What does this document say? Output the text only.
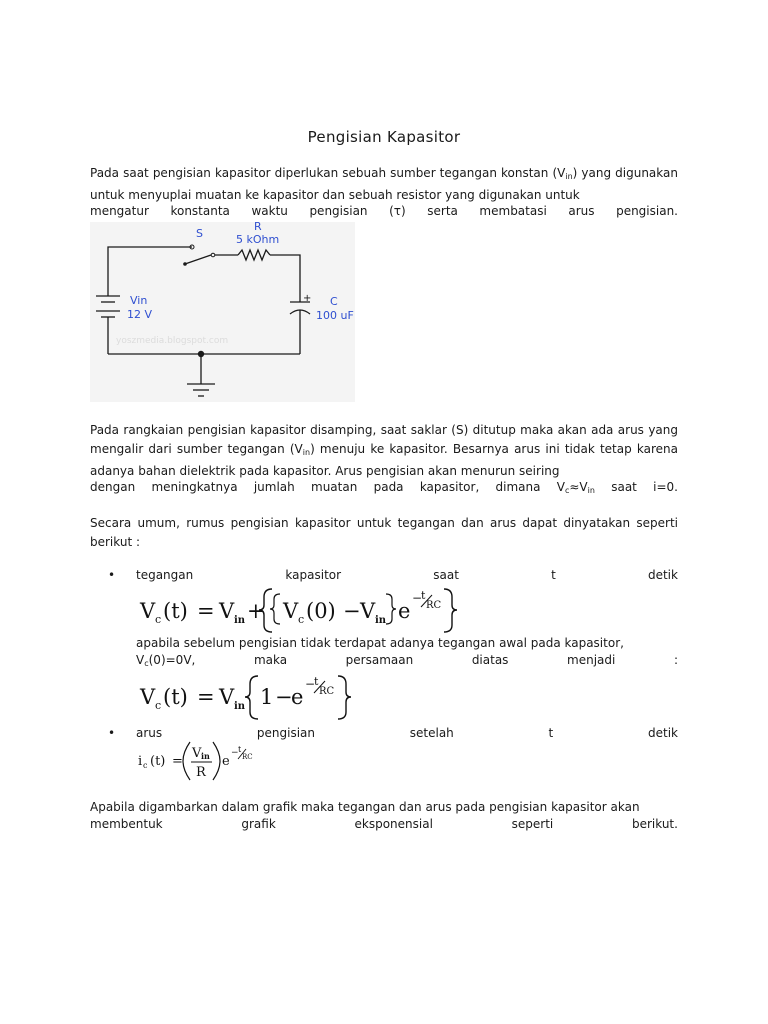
Pengisian Kapasitor

Pada saat pengisian kapasitor diperlukan sebuah sumber tegangan konstan $(V_{in})$ yang digunakan untuk menyuplai muatan ke kapasitor dan sebuah resistor yang digunakan untuk

mengatur konstanta waktu pengisian (τ) serta membatasi arus pengisian.

S
R
5 kOhm
Vin
12 V
+ C
100 uF
yoszmedia.blogspot.com

Pada rangkaian pengisian kapasitor disamping, saat saklar (S) ditutup maka akan ada arus yang mengalir dari sumber tegangan $(V_{in})$ menuju ke kapasitor. Besarnya arus ini tidak tetap karena adanya bahan dielektrik pada kapasitor. Arus pengisian akan menurun seiring

dengan meningkatnya jumlah muatan pada kapasitor, dimana $V_c\approx V_{in}$ saat i=0.

Secara umum, rumus pengisian kapasitor untuk tegangan dan arus dapat dinyatakan seperti berikut :

• tegangan	kapasitor	saat	t	detik
V c (t) = V in + V c (0) − V in e
−
t
RC

apabila sebelum pengisian tidak terdapat adanya tegangan awal pada kapasitor,

$V_c(0)=0V$,	maka	persamaan	diatas	menjadi	:
V c (t) = V in 1 −
e
−
t
RC
• arus	pengisian	setelah	t	detik
i c (t) =
V in
R
e
− t
RC

Apabila digambarkan dalam grafik maka tegangan dan arus pada pengisian kapasitor akan

membentuk	grafik	eksponensial	seperti	berikut.
